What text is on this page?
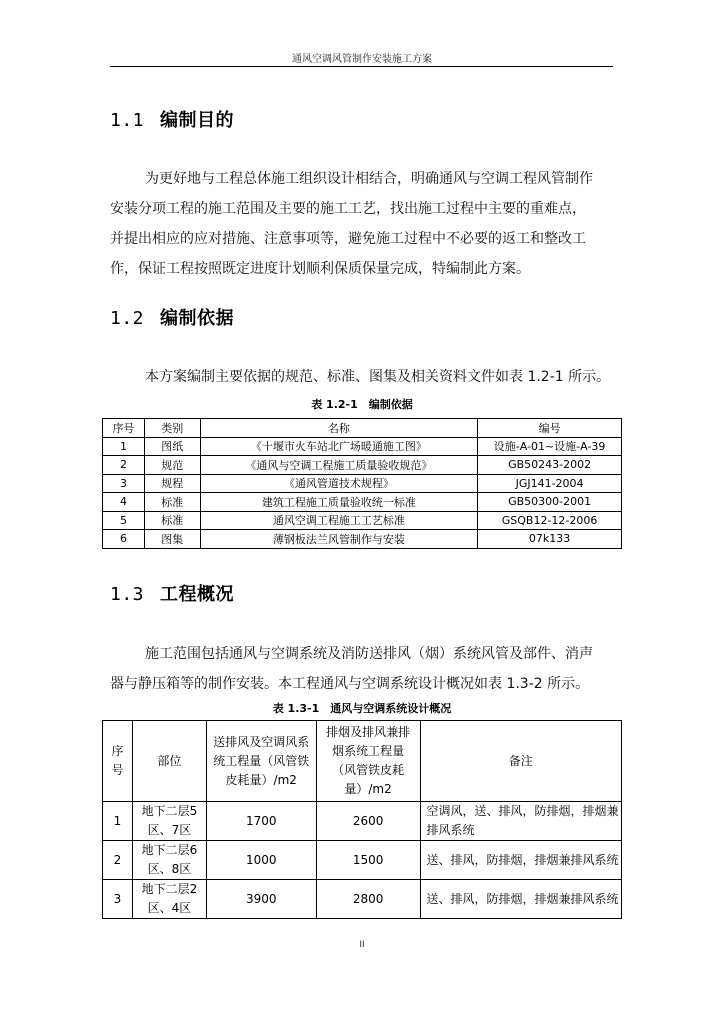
通风空调风管制作安装施工方案
1.1 编制目的
为更好地与工程总体施工组织设计相结合，明确通风与空调工程风管制作
安装分项工程的施工范围及主要的施工工艺，找出施工过程中主要的重难点，
并提出相应的应对措施、注意事项等，避免施工过程中不必要的返工和整改工
作，保证工程按照既定进度计划顺利保质保量完成，特编制此方案。
1.2 编制依据
本方案编制主要依据的规范、标准、图集及相关资料文件如表 1.2-1 所示。
表 1.2-1　编制依据
序号	类别	名称	编号
1	图纸	《十堰市火车站北广场暖通施工图》	设施-A-01~设施-A-39
2	规范	《通风与空调工程施工质量验收规范》	GB50243-2002
3	规程	《通风管道技术规程》	JGJ141-2004
4	标准	建筑工程施工质量验收统一标准	GB50300-2001
5	标准	通风空调工程施工工艺标准	GSQB12-12-2006
6	图集	薄钢板法兰风管制作与安装	07k133
1.3 工程概况
施工范围包括通风与空调系统及消防送排风（烟）系统风管及部件、消声
器与静压箱等的制作安装。本工程通风与空调系统设计概况如表 1.3-2 所示。
表 1.3-1　通风与空调系统设计概况
序号	部位	送排风及空调风系统工程量（风管铁皮耗量）/m2	排烟及排风兼排烟系统工程量（风管铁皮耗量）/m2	备注
1	地下二层5区、7区	1700	2600	空调风，送、排风，防排烟，排烟兼排风系统
2	地下二层6区、8区	1000	1500	送、排风，防排烟，排烟兼排风系统
3	地下二层2区、4区	3900	2800	送、排风，防排烟，排烟兼排风系统
II
